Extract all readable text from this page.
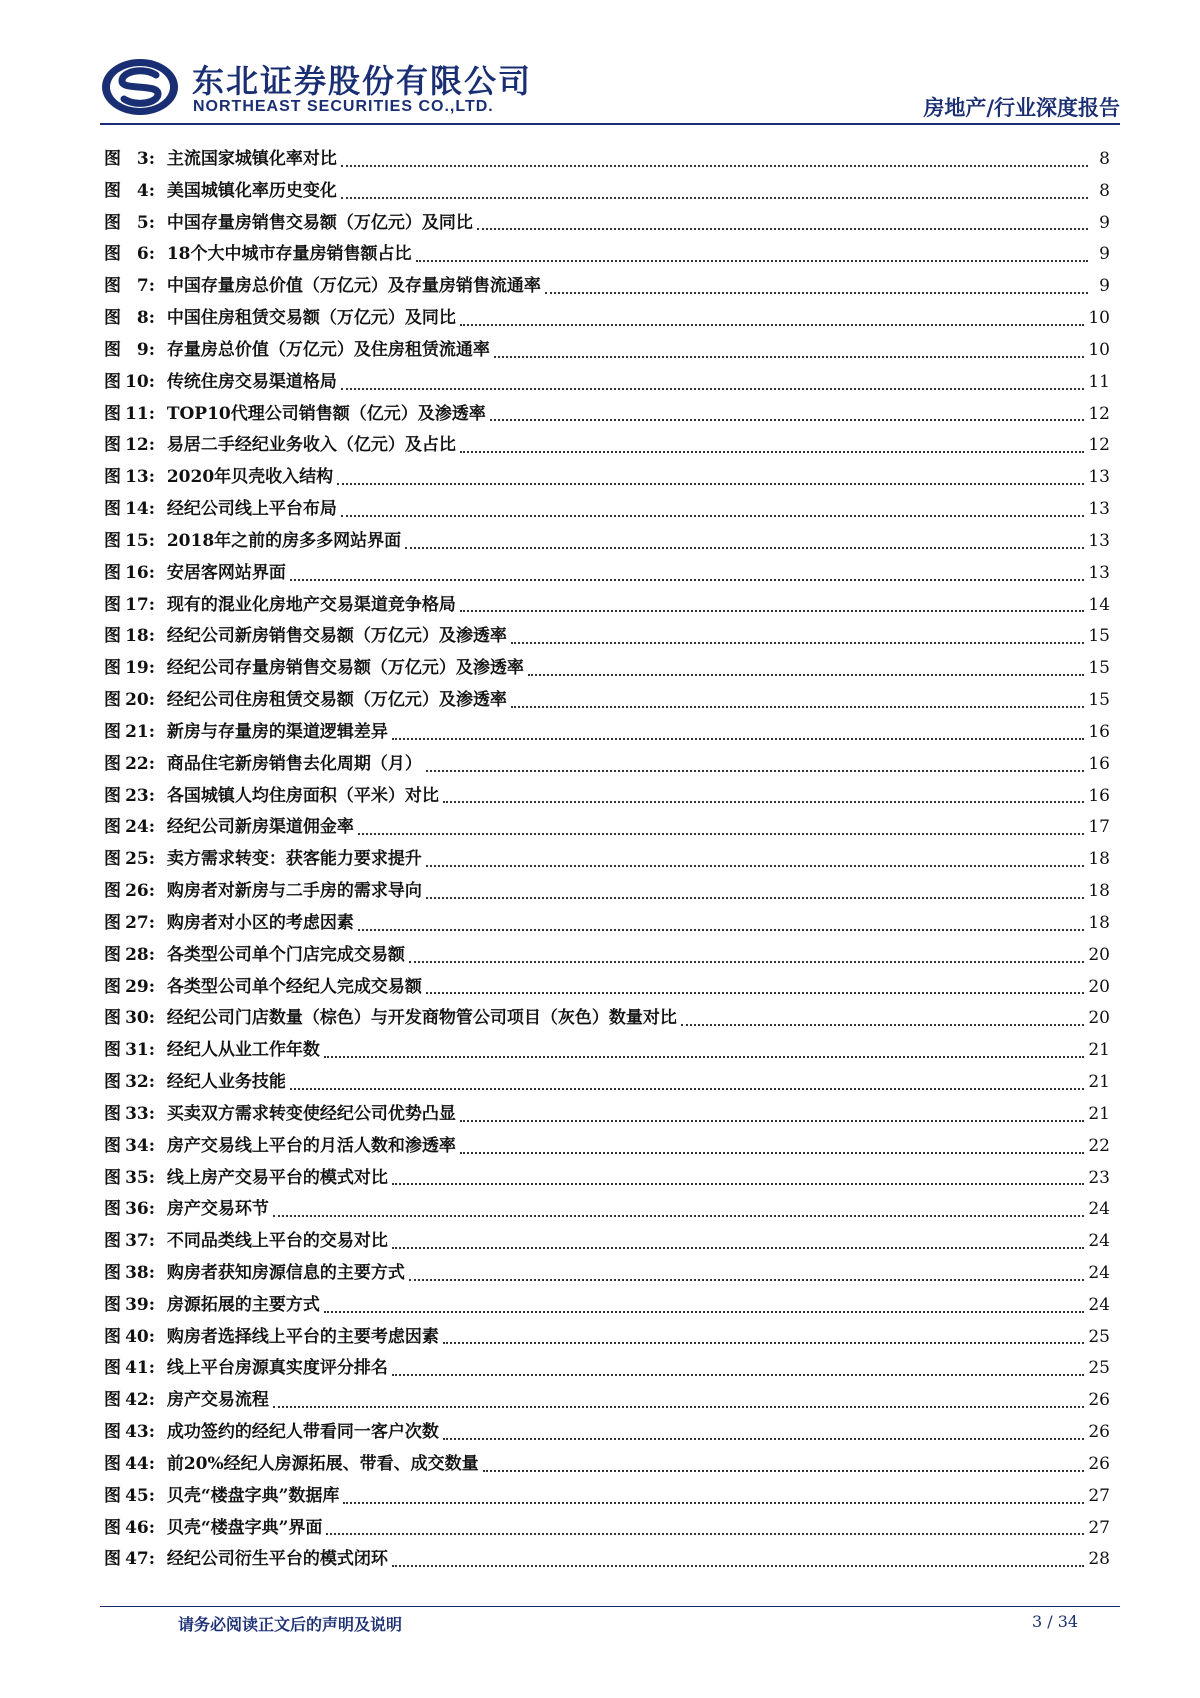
东北证券股份有限公司
NORTHEAST SECURITIES CO.,LTD.	房地产/行业深度报告
图 3: 主流国家城镇化率对比	8
图 4: 美国城镇化率历史变化	8
图 5: 中国存量房销售交易额（万亿元）及同比	9
图 6: 18个大中城市存量房销售额占比	9
图 7: 中国存量房总价值（万亿元）及存量房销售流通率	9
图 8: 中国住房租赁交易额（万亿元）及同比	10
图 9: 存量房总价值（万亿元）及住房租赁流通率	10
图 10: 传统住房交易渠道格局	11
图 11: TOP10代理公司销售额（亿元）及渗透率	12
图 12: 易居二手经纪业务收入（亿元）及占比	12
图 13: 2020年贝壳收入结构	13
图 14: 经纪公司线上平台布局	13
图 15: 2018年之前的房多多网站界面	13
图 16: 安居客网站界面	13
图 17: 现有的混业化房地产交易渠道竞争格局	14
图 18: 经纪公司新房销售交易额（万亿元）及渗透率	15
图 19: 经纪公司存量房销售交易额（万亿元）及渗透率	15
图 20: 经纪公司住房租赁交易额（万亿元）及渗透率	15
图 21: 新房与存量房的渠道逻辑差异	16
图 22: 商品住宅新房销售去化周期（月）	16
图 23: 各国城镇人均住房面积（平米）对比	16
图 24: 经纪公司新房渠道佣金率	17
图 25: 卖方需求转变：获客能力要求提升	18
图 26: 购房者对新房与二手房的需求导向	18
图 27: 购房者对小区的考虑因素	18
图 28: 各类型公司单个门店完成交易额	20
图 29: 各类型公司单个经纪人完成交易额	20
图 30: 经纪公司门店数量（棕色）与开发商物管公司项目（灰色）数量对比	20
图 31: 经纪人从业工作年数	21
图 32: 经纪人业务技能	21
图 33: 买卖双方需求转变使经纪公司优势凸显	21
图 34: 房产交易线上平台的月活人数和渗透率	22
图 35: 线上房产交易平台的模式对比	23
图 36: 房产交易环节	24
图 37: 不同品类线上平台的交易对比	24
图 38: 购房者获知房源信息的主要方式	24
图 39: 房源拓展的主要方式	24
图 40: 购房者选择线上平台的主要考虑因素	25
图 41: 线上平台房源真实度评分排名	25
图 42: 房产交易流程	26
图 43: 成功签约的经纪人带看同一客户次数	26
图 44: 前20%经纪人房源拓展、带看、成交数量	26
图 45: 贝壳“楼盘字典”数据库	27
图 46: 贝壳“楼盘字典”界面	27
图 47: 经纪公司衍生平台的模式闭环	28
请务必阅读正文后的声明及说明	3 / 34
